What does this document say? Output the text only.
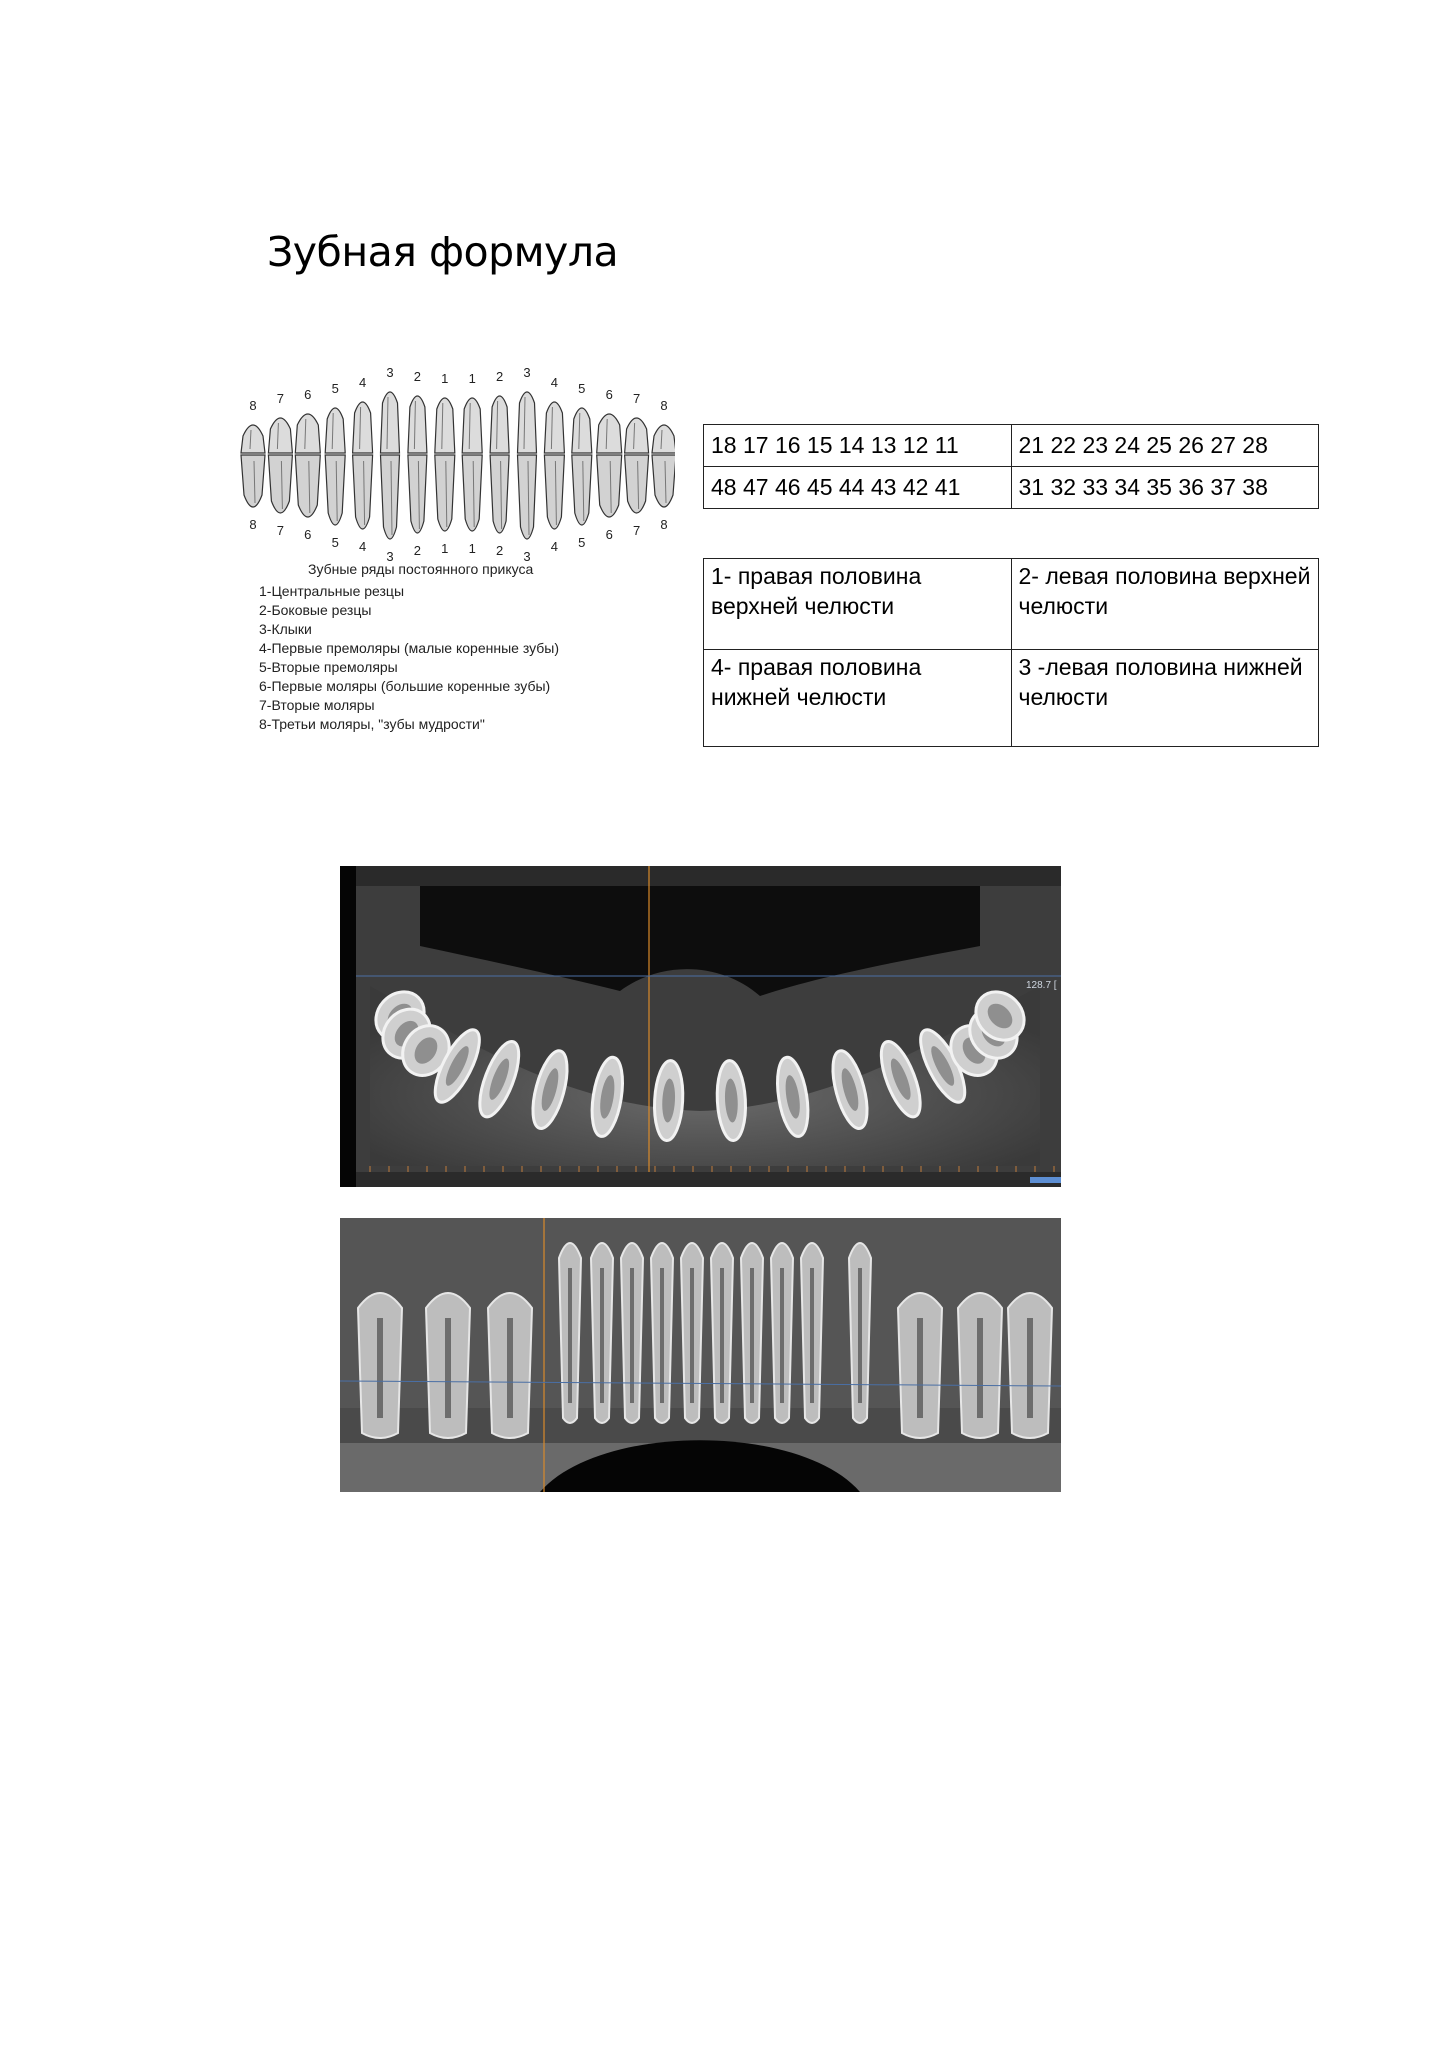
Зубная формула
8 7 6 5 4
3 2 1 1 2 3
4 5 6 7 8
8 7 6
5 4
3 2 1 1 2 3
4 5
6 7 8
Зубные ряды постоянного прикуса
1-Центральные резцы
2-Боковые резцы
3-Клыки
4-Первые премоляры (малые коренные зубы)
5-Вторые премоляры
6-Первые моляры (большие коренные зубы)
7-Вторые моляры
8-Третьи моляры, "зубы мудрости"
18 17 16 15 14 13 12 11	21 22 23 24 25 26 27 28
48 47 46 45 44 43 42 41	31 32 33 34 35 36 37 38
1- правая половина верхней челюсти	2- левая половина верхней челюсти
4- правая половина нижней челюсти	3 -левая половина нижней челюсти
128.7 [
